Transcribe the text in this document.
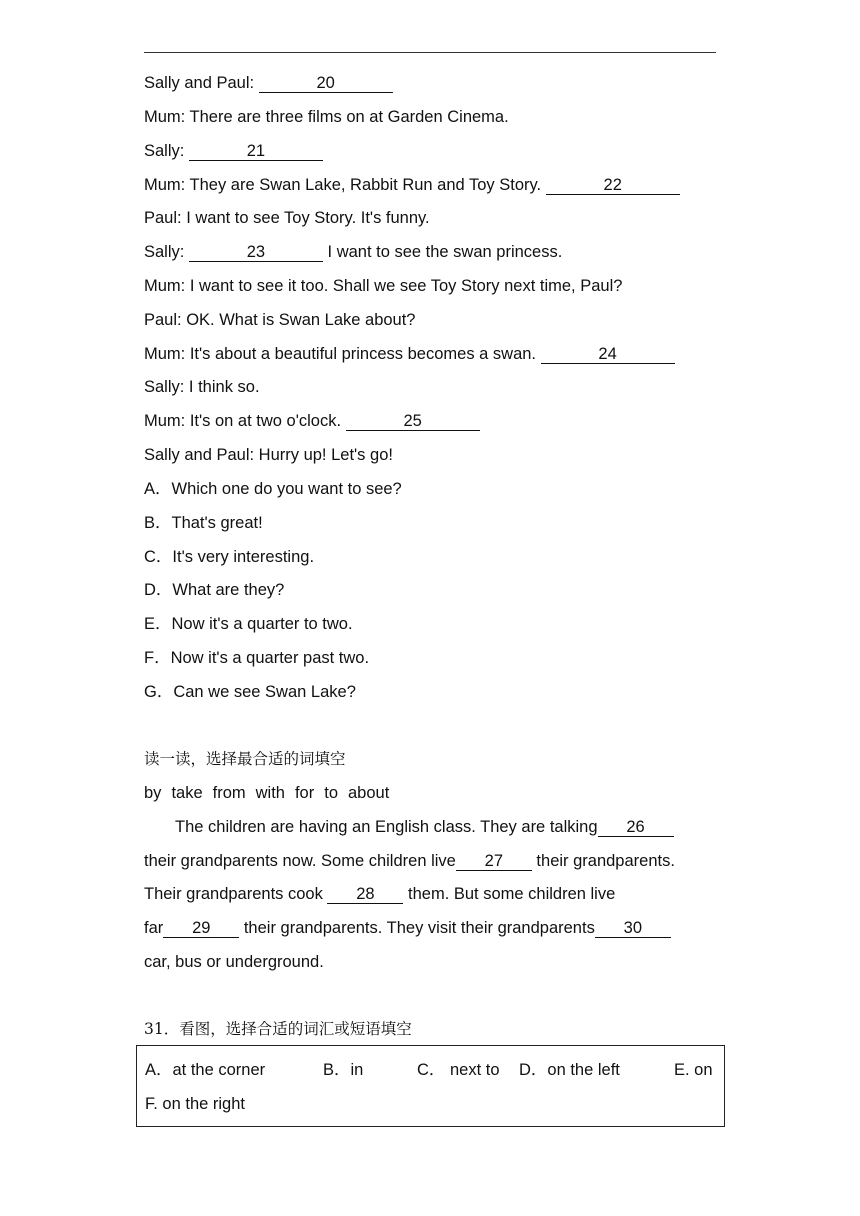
Sally and Paul:	20
Mum: There are three films on at Garden Cinema.
Sally:	21
Mum: They are Swan Lake, Rabbit Run and Toy Story.	22
Paul: I want to see Toy Story. It's funny.
Sally:	23	I want to see the swan princess.
Mum: I want to see it too. Shall we see Toy Story next time, Paul?
Paul: OK. What is Swan Lake about?
Mum: It's about a beautiful princess becomes a swan.	24
Sally: I think so.
Mum: It's on at two o'clock.	25
Sally and Paul: Hurry up! Let's go!
A．Which one do you want to see?
B．That's great!
C．It's very interesting.
D．What are they?
E．Now it's a quarter to two.
F．Now it's a quarter past two.
G．Can we see Swan Lake?
读一读，选择最合适的词填空
by take from with for to about
The children are having an English class. They are talking 26
their grandparents now. Some children live 27 their grandparents.
Their grandparents cook 28 them. But some children live
far 29 their grandparents. They visit their grandparents 30
car, bus or underground.
31．看图，选择合适的词汇或短语填空
A．at the corner	B．in	C． next to D．on the left	E. on
F. on the right
